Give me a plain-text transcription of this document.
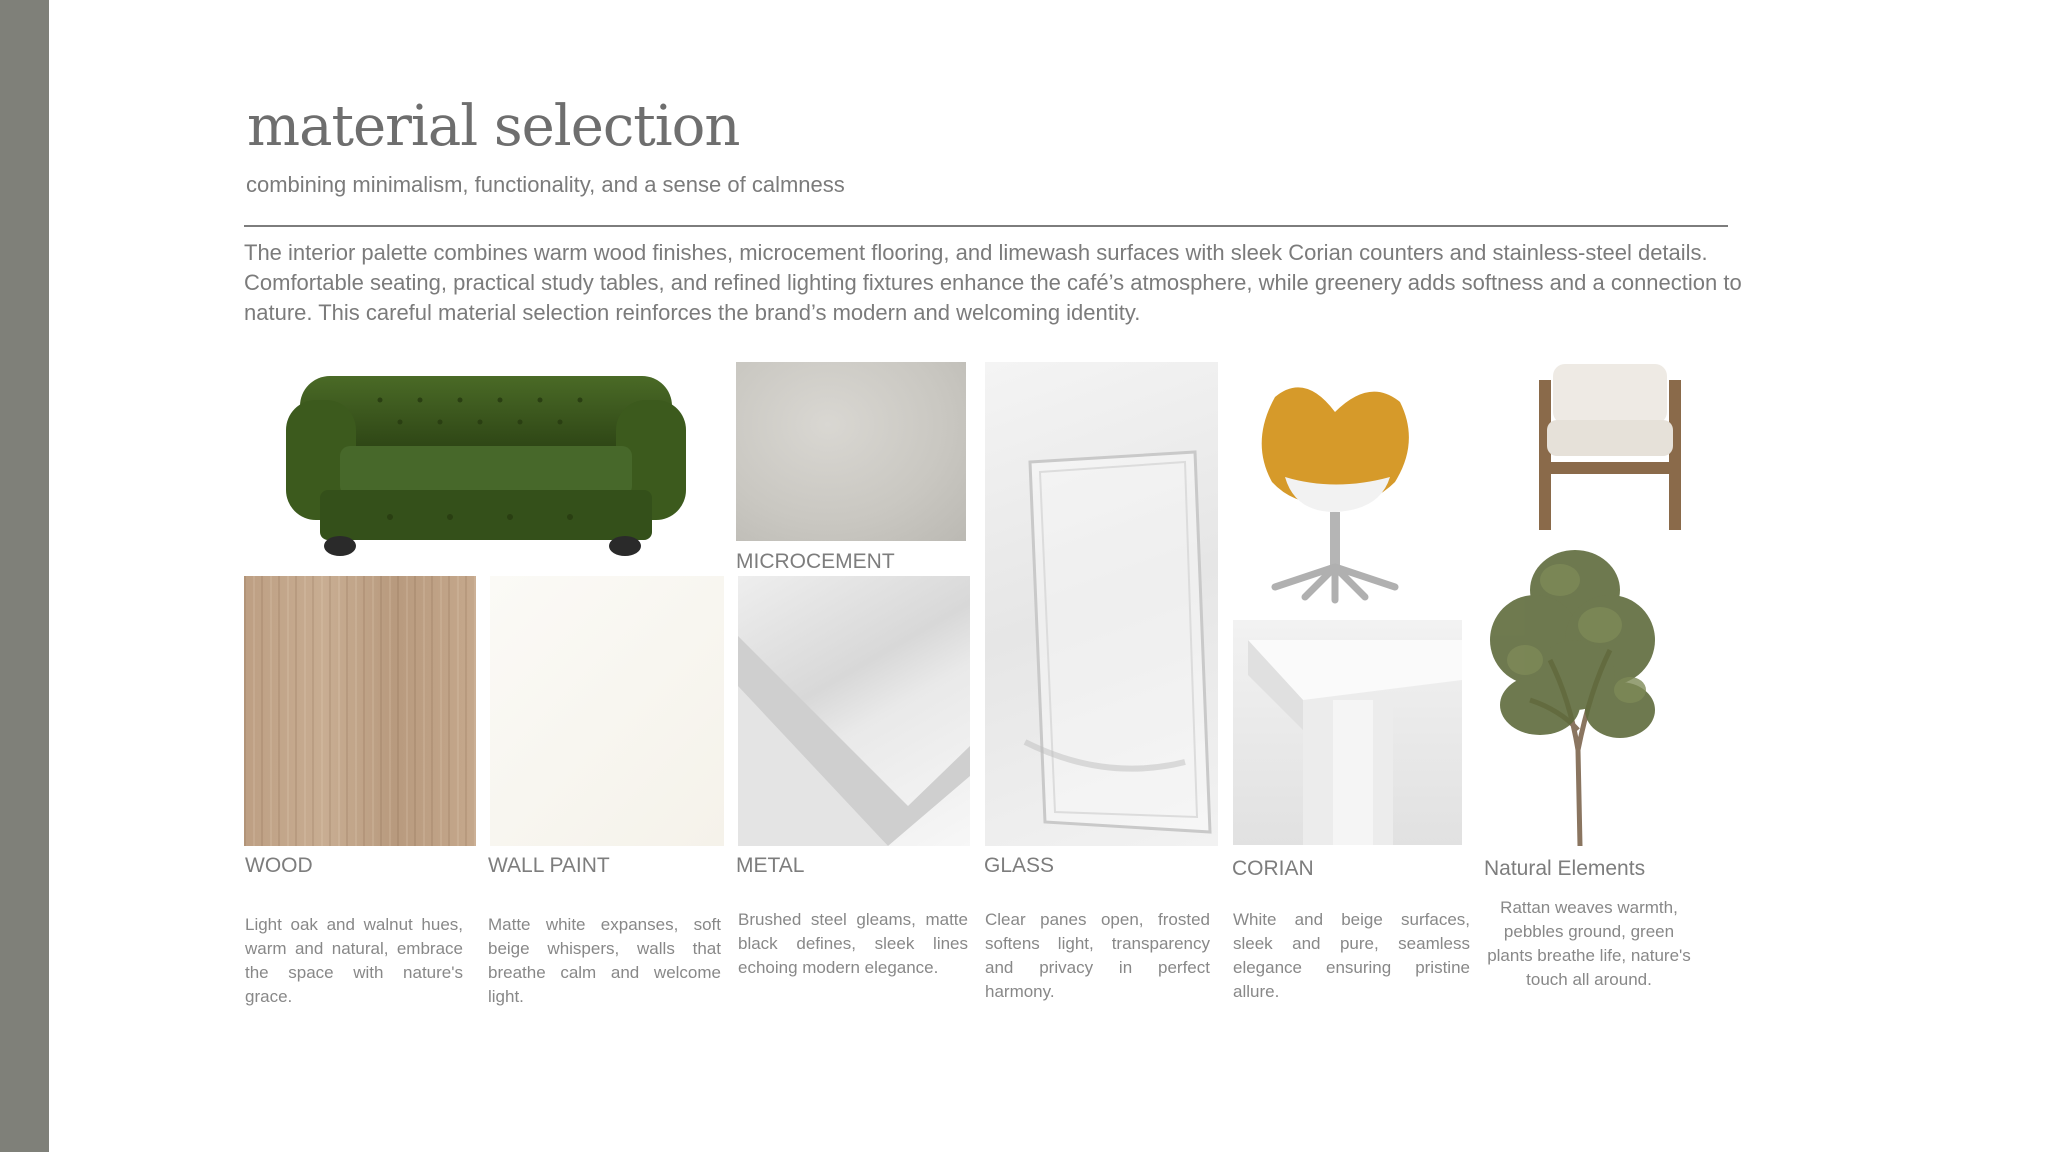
material selection
combining minimalism, functionality, and a sense of calmness
The interior palette combines warm wood finishes, microcement flooring, and limewash surfaces with sleek Corian counters and stainless-steel details. Comfortable seating, practical study tables, and refined lighting fixtures enhance the café’s atmosphere, while greenery adds softness and a connection to nature. This careful material selection reinforces the brand’s modern and welcoming identity.
MICROCEMENT
WOOD	WALL PAINT	METAL	GLASS	CORIAN	Natural Elements
Light oak and walnut hues, warm and natural, embrace the space with nature's grace.
Matte white expanses, soft beige whispers, walls that breathe calm and welcome light.
Brushed steel gleams, matte black defines, sleek lines echoing modern elegance.
Clear panes open, frosted softens light, transparency and privacy in perfect harmony.
White and beige surfaces, sleek and pure, seamless elegance ensuring pristine allure.
Rattan weaves warmth, pebbles ground, green plants breathe life, nature's touch all around.
